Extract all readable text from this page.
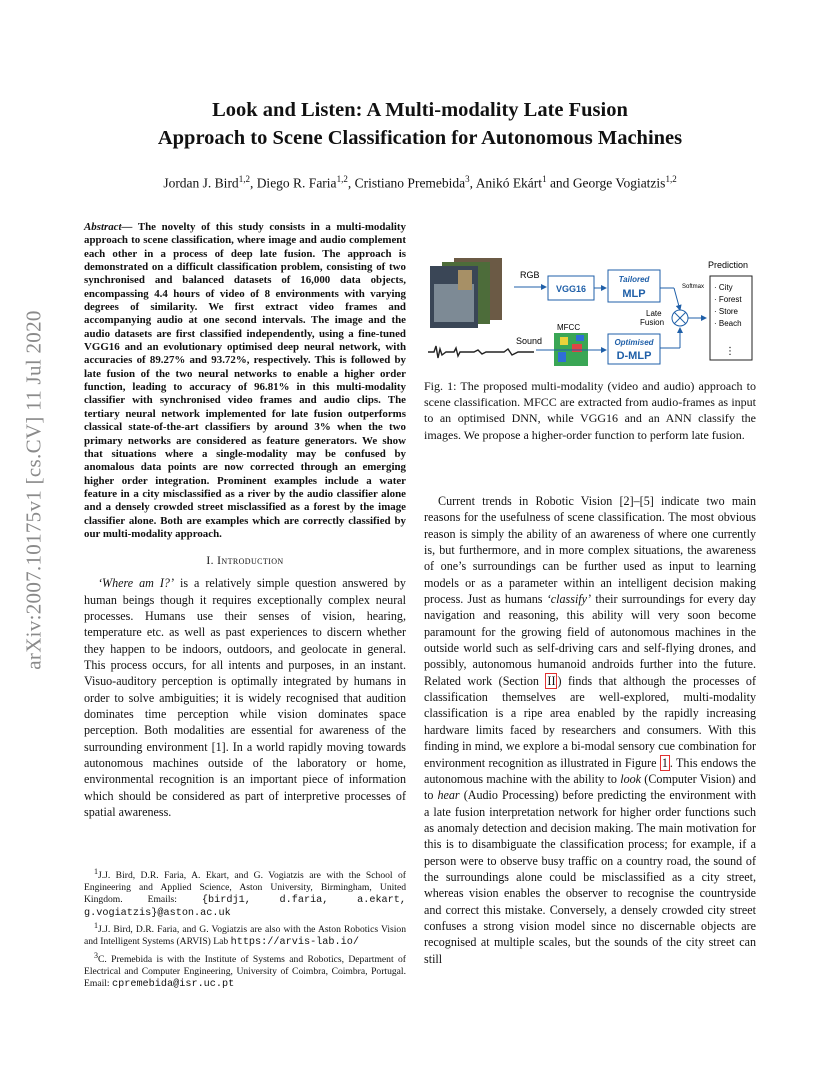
arXiv:2007.10175v1 [cs.CV] 11 Jul 2020
Look and Listen: A Multi-modality Late Fusion
Approach to Scene Classification for Autonomous Machines
Jordan J. Bird$^{1,2}$, Diego R. Faria$^{1,2}$, Cristiano Premebida$^3$, Anikó Ekárt$^1$ and George Vogiatzis$^{1,2}$
Abstract— The novelty of this study consists in a multi-modality approach to scene classification, where image and audio complement each other in a process of deep late fusion. The approach is demonstrated on a difficult classification problem, consisting of two synchronised and balanced datasets of 16,000 data objects, encompassing 4.4 hours of video of 8 environments with varying degrees of similarity. We first extract video frames and accompanying audio at one second intervals. The image and the audio datasets are first classified independently, using a fine-tuned VGG16 and an evolutionary optimised deep neural network, with accuracies of 89.27% and 93.72%, respectively. This is followed by late fusion of the two neural networks to enable a higher order function, leading to accuracy of 96.81% in this multi-modality classifier with synchronised video frames and audio clips. The tertiary neural network implemented for late fusion outperforms classical state-of-the-art classifiers by around 3% when the two primary networks are considered as feature generators. We show that situations where a single-modality may be confused by anomalous data points are now corrected through an emerging higher order integration. Prominent examples include a water feature in a city misclassified as a river by the audio classifier alone and a densely crowded street misclassified as a forest by the image classifier alone. Both are examples which are correctly classified by our multi-modality approach.
I. Introduction

‘Where am I?’ is a relatively simple question answered by human beings though it requires exceptionally complex neural processes. Humans use their senses of vision, hearing, temperature etc. as well as past experiences to discern whether they happen to be indoors, outdoors, and geolocate in general. This process occurs, for all intents and purposes, in an instant. Visuo-auditory perception is optimally integrated by humans in order to solve ambiguities; it is widely recognised that audition dominates time perception while vision dominates space perception. Both modalities are essential for awareness of the surrounding environment [1]. In a world rapidly moving towards autonomous machines outside of the laboratory or home, environmental recognition is an important piece of information which should be considered as part of interpretive processes of spatial awareness.

$^1$J.J. Bird, D.R. Faria, A. Ekart, and G. Vogiatzis are with the School of Engineering and Applied Science, Aston University, Birmingham, United Kingdom. Emails: {birdj1, d.faria, a.ekart, g.vogiatzis}@aston.ac.uk

$^1$J.J. Bird, D.R. Faria, and G. Vogiatzis are also with the Aston Robotics Vision and Intelligent Systems (ARVIS) Lab https://arvis-lab.io/

$^3$C. Premebida is with the Institute of Systems and Robotics, Department of Electrical and Computer Engineering, University of Coimbra, Coimbra, Portugal. Email: cpremebida@isr.uc.pt

RGB
VGG16
Tailored
MLP
Softmax
Late
Fusion
Prediction
· City
· Forest
· Store
· Beach
⋮
MFCC
Sound	Optimised
D-MLP
Fig. 1: The proposed multi-modality (video and audio) approach to scene classification. MFCC are extracted from audio-frames as input to an optimised DNN, while VGG16 and an ANN classify the images. We propose a higher-order function to perform late fusion.

Current trends in Robotic Vision [2]–[5] indicate two main reasons for the usefulness of scene classification. The most obvious reason is simply the ability of an awareness of where one currently is, but furthermore, and in more complex situations, the awareness of one’s surroundings can be further used as input to learning models or as a parameter within an intelligent decision making process. Just as humans ‘classify’ their surroundings for every day navigation and reasoning, this ability will very soon become paramount for the growing field of autonomous machines in the outside world such as self-driving cars and self-flying drones, and possibly, autonomous humanoid androids further into the future. Related work (Section II ) finds that although the processes of classification themselves are well-explored, multi-modality classification is a ripe area enabled by the rapidly increasing hardware limits faced by researchers and consumers. With this finding in mind, we explore a bi-modal sensory cue combination for environment recognition as illustrated in Figure 1 . This endows the autonomous machine with the ability to look (Computer Vision) and to hear (Audio Processing) before predicting the environment with a late fusion interpretation network for higher order functions such as anomaly detection and decision making. The main motivation for this is to disambiguate the classification process; for example, if a person were to observe busy traffic on a country road, the sound of the surroundings alone could be misclassified as a city street, whereas vision enables the observer to recognise the countryside and correct this mistake. Conversely, a densely crowded city street confuses a strong vision model since no discernable objects are recognised at multiple scales, but the sounds of the city street can still
